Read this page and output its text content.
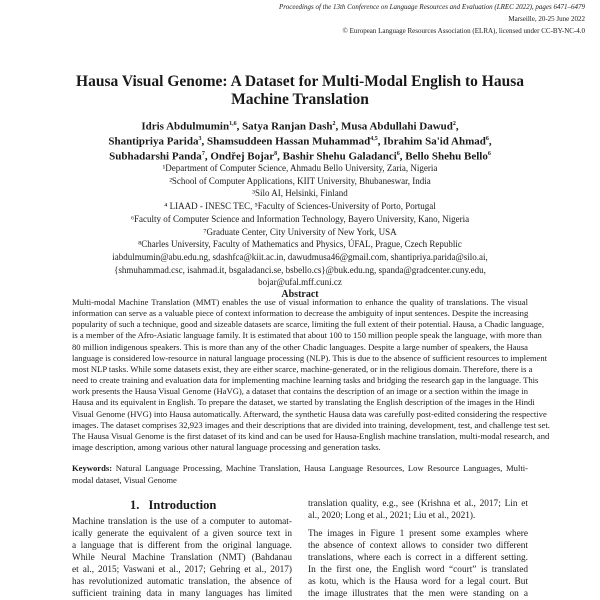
Proceedings of the 13th Conference on Language Resources and Evaluation (LREC 2022), pages 6471–6479
Marseille, 20-25 June 2022
© European Language Resources Association (ELRA), licensed under CC-BY-NC-4.0
Hausa Visual Genome: A Dataset for Multi-Modal English to Hausa
Machine Translation
Idris Abdulmumin$^{1,6}$, Satya Ranjan Dash$^2$, Musa Abdullahi Dawud$^2$,
Shantipriya Parida$^3$, Shamsuddeen Hassan Muhammad$^{4,5}$, Ibrahim Sa'id Ahmad$^6$,
Subhadarshi Panda$^7$, Ondřej Bojar$^8$, Bashir Shehu Galadanci$^6$, Bello Shehu Bello$^6$
¹Department of Computer Science, Ahmadu Bello University, Zaria, Nigeria
²School of Computer Applications, KIIT University, Bhubaneswar, India
³Silo AI, Helsinki, Finland
⁴ LIAAD - INESC TEC, ⁵Faculty of Sciences-University of Porto, Portugal
⁶Faculty of Computer Science and Information Technology, Bayero University, Kano, Nigeria
⁷Graduate Center, City University of New York, USA
⁸Charles University, Faculty of Mathematics and Physics, ÚFAL, Prague, Czech Republic
iabdulmumin@abu.edu.ng, sdashfca@kiit.ac.in, dawudmusa46@gmail.com, shantipriya.parida@silo.ai,
{shmuhammad.csc, isahmad.it, bsgaladanci.se, bsbello.cs}@buk.edu.ng, spanda@gradcenter.cuny.edu,
bojar@ufal.mff.cuni.cz
Abstract
Multi-modal Machine Translation (MMT) enables the use of visual information to enhance the quality of translations. The visual
information can serve as a valuable piece of context information to decrease the ambiguity of input sentences. Despite the increasing
popularity of such a technique, good and sizeable datasets are scarce, limiting the full extent of their potential. Hausa, a Chadic language,
is a member of the Afro-Asiatic language family. It is estimated that about 100 to 150 million people speak the language, with more than
80 million indigenous speakers. This is more than any of the other Chadic languages. Despite a large number of speakers, the Hausa
language is considered low-resource in natural language processing (NLP). This is due to the absence of sufficient resources to implement
most NLP tasks. While some datasets exist, they are either scarce, machine-generated, or in the religious domain. Therefore, there is a
need to create training and evaluation data for implementing machine learning tasks and bridging the research gap in the language. This
work presents the Hausa Visual Genome (HaVG), a dataset that contains the description of an image or a section within the image in
Hausa and its equivalent in English. To prepare the dataset, we started by translating the English description of the images in the Hindi
Visual Genome (HVG) into Hausa automatically. Afterward, the synthetic Hausa data was carefully post-edited considering the respective
images. The dataset comprises 32,923 images and their descriptions that are divided into training, development, test, and challenge test set.
The Hausa Visual Genome is the first dataset of its kind and can be used for Hausa-English machine translation, multi-modal research, and
image description, among various other natural language processing and generation tasks.
Keywords: Natural Language Processing, Machine Translation, Hausa Language Resources, Low Resource Languages, Multi-
modal dataset, Visual Genome
1. Introduction
Machine translation is the use of a computer to automat-
ically generate the equivalent of a given source text in
a language that is different from the original language.
While Neural Machine Translation (NMT) (Bahdanau
et al., 2015; Vaswani et al., 2017; Gehring et al., 2017)
has revolutionized automatic translation, the absence of
sufficient training data in many languages has limited
translation quality, e.g., see (Krishna et al., 2017; Lin et
al., 2020; Long et al., 2021; Liu et al., 2021).
The images in Figure 1 present some examples where
the absence of context allows to consider two different
translations, where each is correct in a different setting.
In the first one, the English word “court” is translated
as kotu, which is the Hausa word for a legal court. But
the image illustrates that the men were standing on a
